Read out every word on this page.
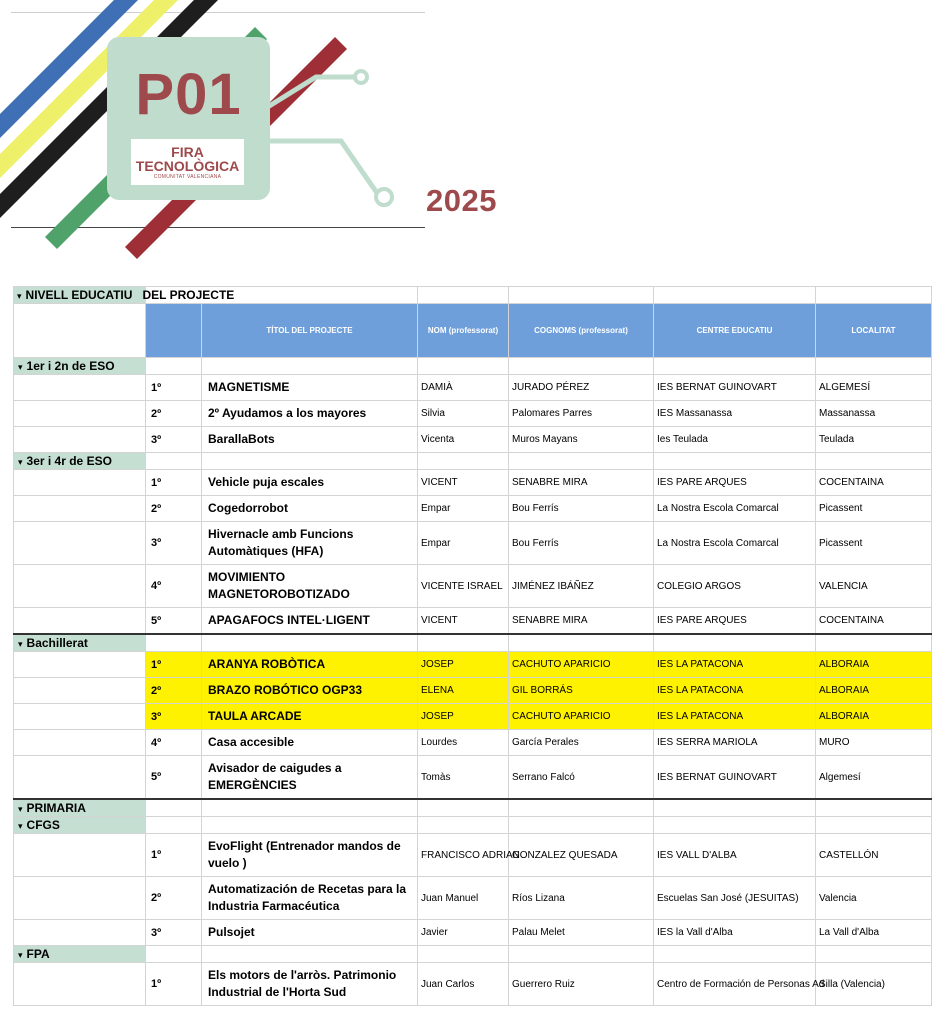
P01
FIRA
TECNOLÒGICA
COMUNITAT VALENCIANA
2025
▾ NIVELL EDUCATIU	DEL PROJECTE					
		TÍTOL DEL PROJECTE	NOM (professorat)	COGNOMS (professorat)	CENTRE EDUCATIU	LOCALITAT
▾ 1er i 2n de ESO						
	1º	MAGNETISME	DAMIÀ	JURADO PÉREZ	IES BERNAT GUINOVART	ALGEMESÍ
	2º	2º Ayudamos a los mayores	Silvia	Palomares Parres	IES Massanassa	Massanassa
	3º	BarallaBots	Vicenta	Muros Mayans	Ies Teulada	Teulada
▾ 3er i 4r de ESO						
	1º	Vehicle puja escales	VICENT	SENABRE MIRA	IES PARE ARQUES	COCENTAINA
	2º	Cogedorrobot	Empar	Bou Ferrís	La Nostra Escola Comarcal	Picassent
	3º	Hivernacle amb Funcions Automàtiques (HFA)	Empar	Bou Ferrís	La Nostra Escola Comarcal	Picassent
	4º	MOVIMIENTO MAGNETOROBOTIZADO	VICENTE ISRAEL	JIMÉNEZ IBÁÑEZ	COLEGIO ARGOS	VALENCIA
	5º	APAGAFOCS INTEL·LIGENT	VICENT	SENABRE MIRA	IES PARE ARQUES	COCENTAINA
▾ Bachillerat						
	1º	ARANYA ROBÒTICA	JOSEP	CACHUTO APARICIO	IES LA PATACONA	ALBORAIA
	2º	BRAZO ROBÓTICO OGP33	ELENA	GIL BORRÁS	IES LA PATACONA	ALBORAIA
	3º	TAULA ARCADE	JOSEP	CACHUTO APARICIO	IES LA PATACONA	ALBORAIA
	4º	Casa accesible	Lourdes	García Perales	IES SERRA MARIOLA	MURO
	5º	Avisador de caigudes a EMERGÈNCIES	Tomàs	Serrano Falcó	IES BERNAT GUINOVART	Algemesí
▾ PRIMARIA						
▾ CFGS						
	1º	EvoFlight (Entrenador mandos de vuelo )	FRANCISCO ADRIAN	GONZALEZ QUESADA	IES VALL D'ALBA	CASTELLÓN
	2º	Automatización de Recetas para la Industria Farmacéutica	Juan Manuel	Ríos Lizana	Escuelas San José (JESUITAS)	Valencia
	3º	Pulsojet	Javier	Palau Melet	IES la Vall d'Alba	La Vall d'Alba
▾ FPA						
	1º	Els motors de l'arròs. Patrimonio Industrial de l'Horta Sud	Juan Carlos	Guerrero Ruiz	Centro de Formación de Personas Ad	Silla (Valencia)
